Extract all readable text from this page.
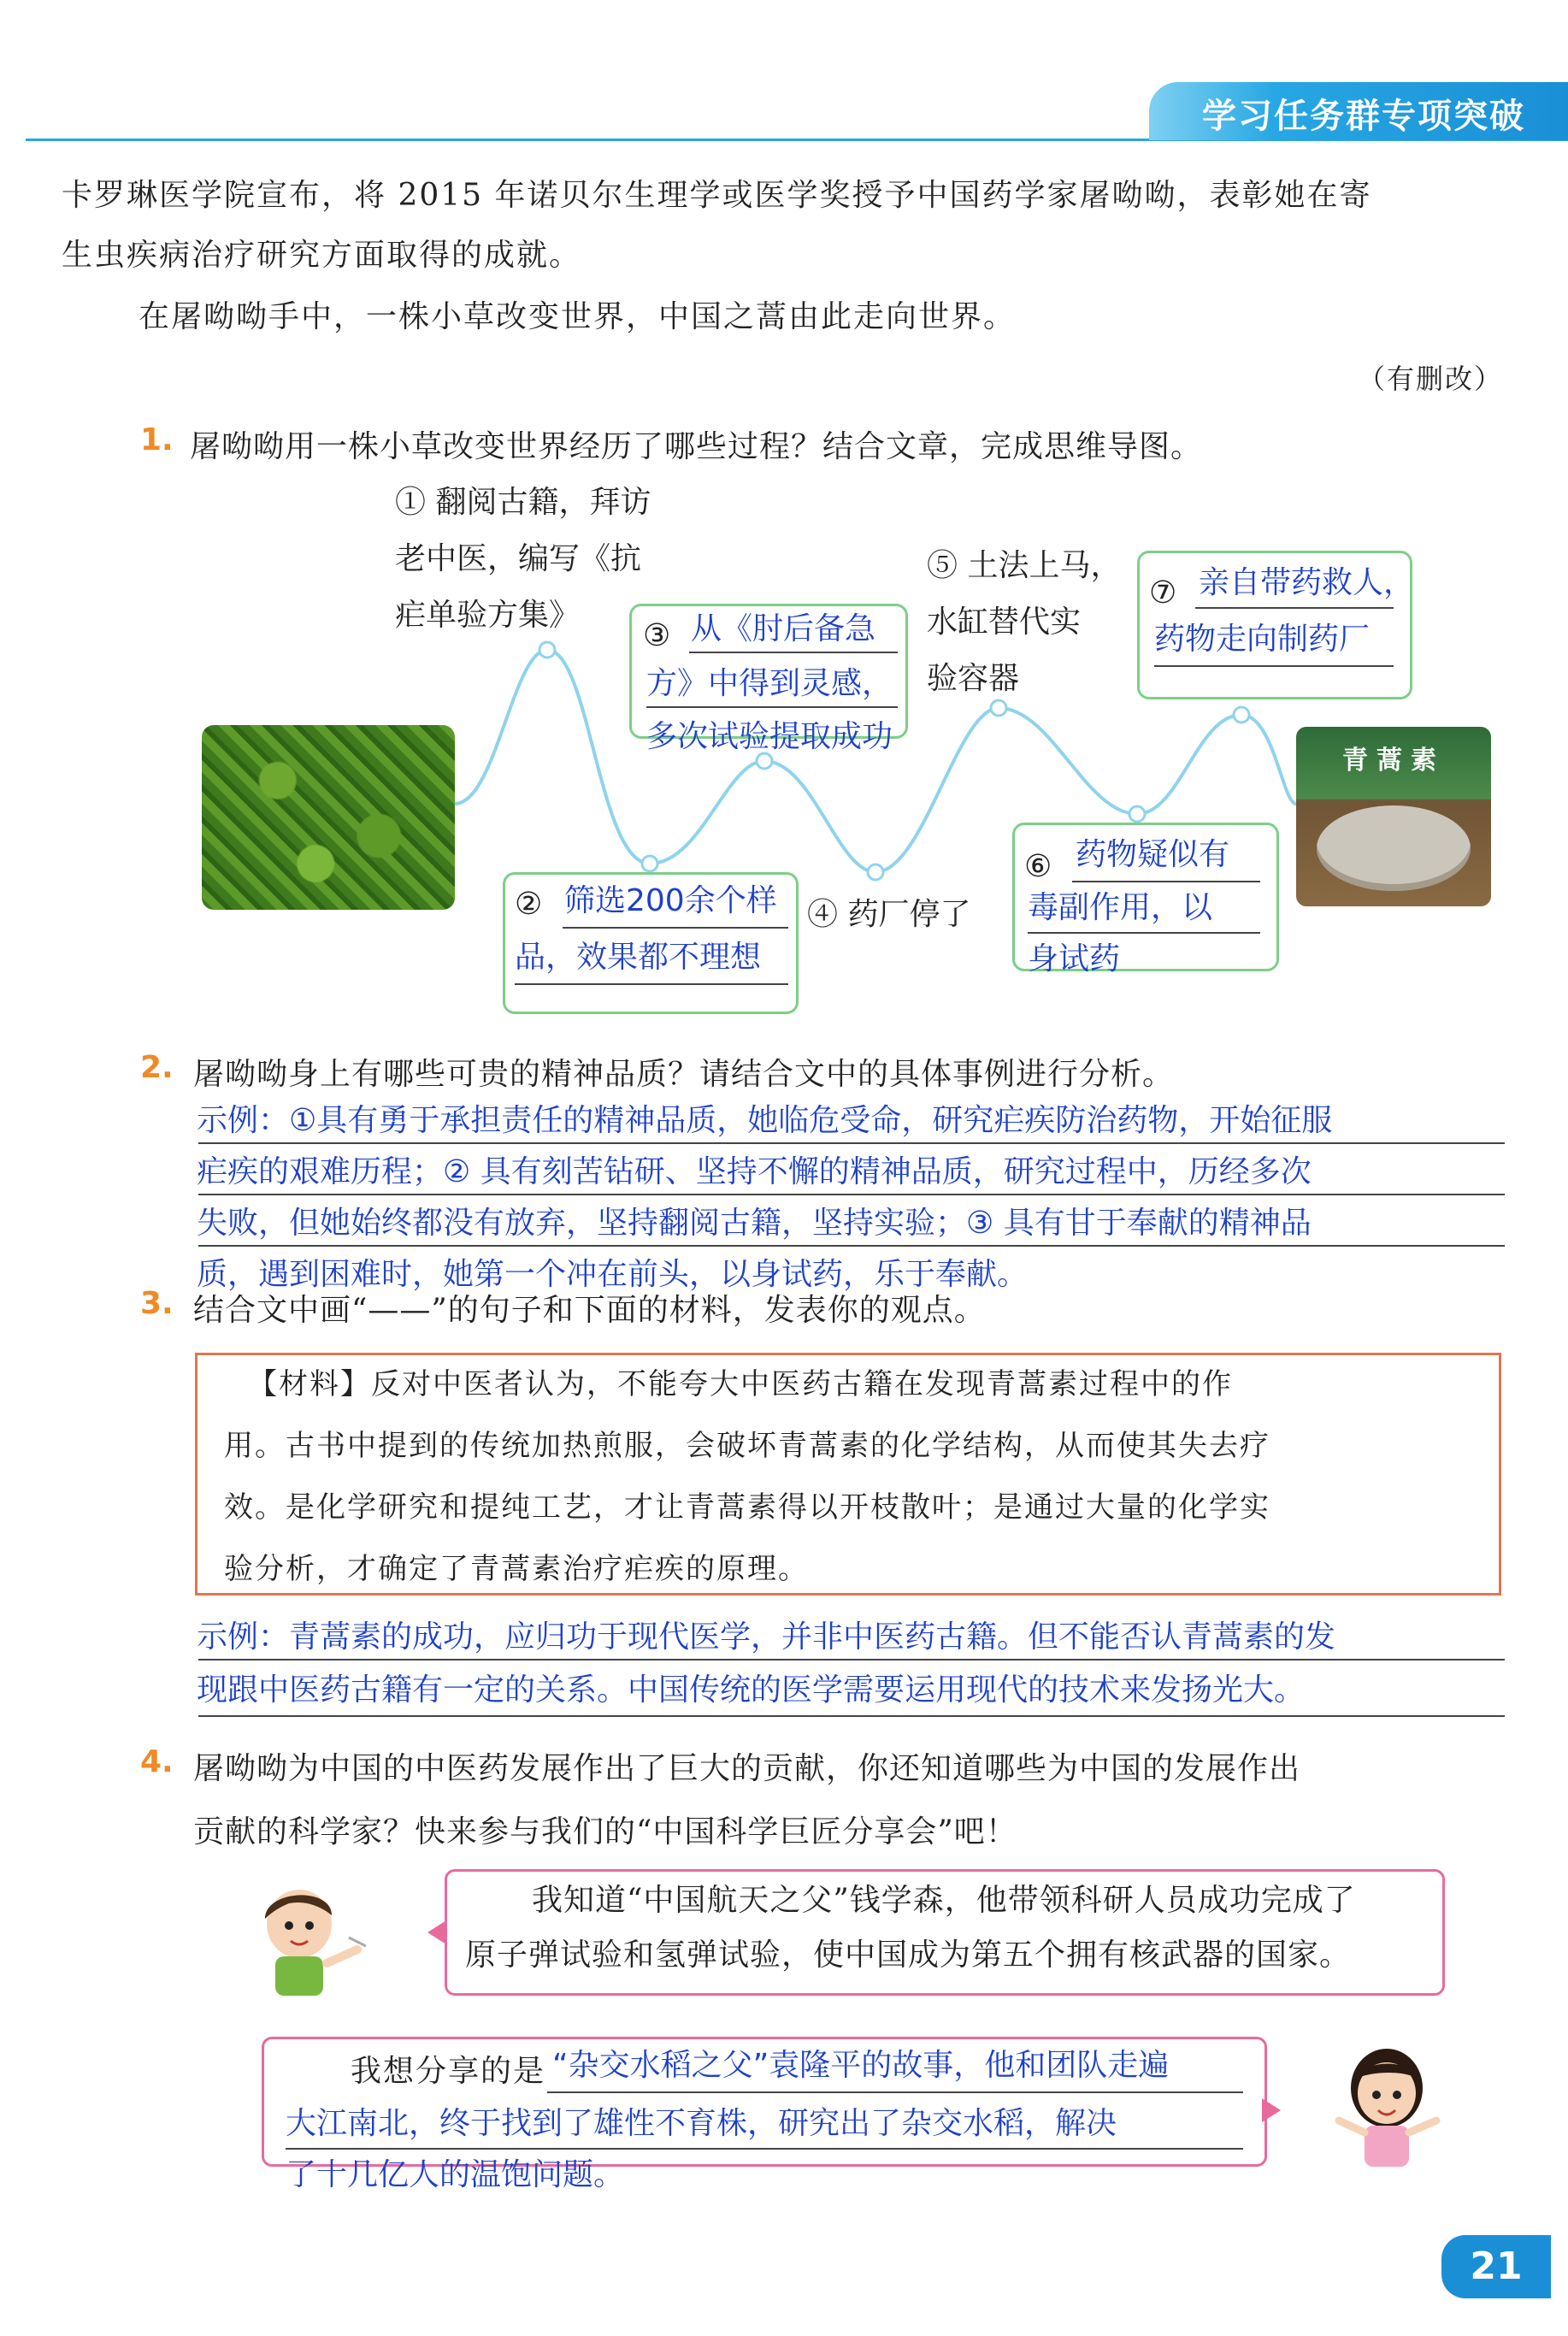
学习任务群专项突破
卡罗琳医学院宣布，将 2015 年诺贝尔生理学或医学奖授予中国药学家屠呦呦，表彰她在寄
生虫疾病治疗研究方面取得的成就。
在屠呦呦手中，一株小草改变世界，中国之蒿由此走向世界。
（有删改）
1. 屠呦呦用一株小草改变世界经历了哪些过程？结合文章，完成思维导图。
青蒿素
① 翻阅古籍，拜访
老中医，编写《抗
疟单验方集》
② 筛选200余个样
品，效果都不理想
③ 从《肘后备急
方》中得到灵感，
多次试验提取成功
④ 药厂停了
⑤ 土法上马，
水缸替代实
验容器
⑥ 药物疑似有
毒副作用，以
身试药
⑦ 亲自带药救人，
药物走向制药厂
2. 屠呦呦身上有哪些可贵的精神品质？请结合文中的具体事例进行分析。
示例：①具有勇于承担责任的精神品质，她临危受命，研究疟疾防治药物，开始征服
疟疾的艰难历程；② 具有刻苦钻研、坚持不懈的精神品质，研究过程中，历经多次
失败，但她始终都没有放弃，坚持翻阅古籍，坚持实验；③ 具有甘于奉献的精神品
质，遇到困难时，她第一个冲在前头，以身试药，乐于奉献。
3. 结合文中画“——”的句子和下面的材料，发表你的观点。
【材料】反对中医者认为，不能夸大中医药古籍在发现青蒿素过程中的作
用。古书中提到的传统加热煎服，会破坏青蒿素的化学结构，从而使其失去疗
效。是化学研究和提纯工艺，才让青蒿素得以开枝散叶；是通过大量的化学实
验分析，才确定了青蒿素治疗疟疾的原理。
示例：青蒿素的成功，应归功于现代医学，并非中医药古籍。但不能否认青蒿素的发
现跟中医药古籍有一定的关系。中国传统的医学需要运用现代的技术来发扬光大。
4. 屠呦呦为中国的中医药发展作出了巨大的贡献，你还知道哪些为中国的发展作出
贡献的科学家？快来参与我们的“中国科学巨匠分享会”吧！
我知道“中国航天之父”钱学森，他带领科研人员成功完成了
原子弹试验和氢弹试验，使中国成为第五个拥有核武器的国家。
我想分享的是 “杂交水稻之父”袁隆平的故事，他和团队走遍
大江南北，终于找到了雄性不育株，研究出了杂交水稻，解决
了十几亿人的温饱问题。
21
